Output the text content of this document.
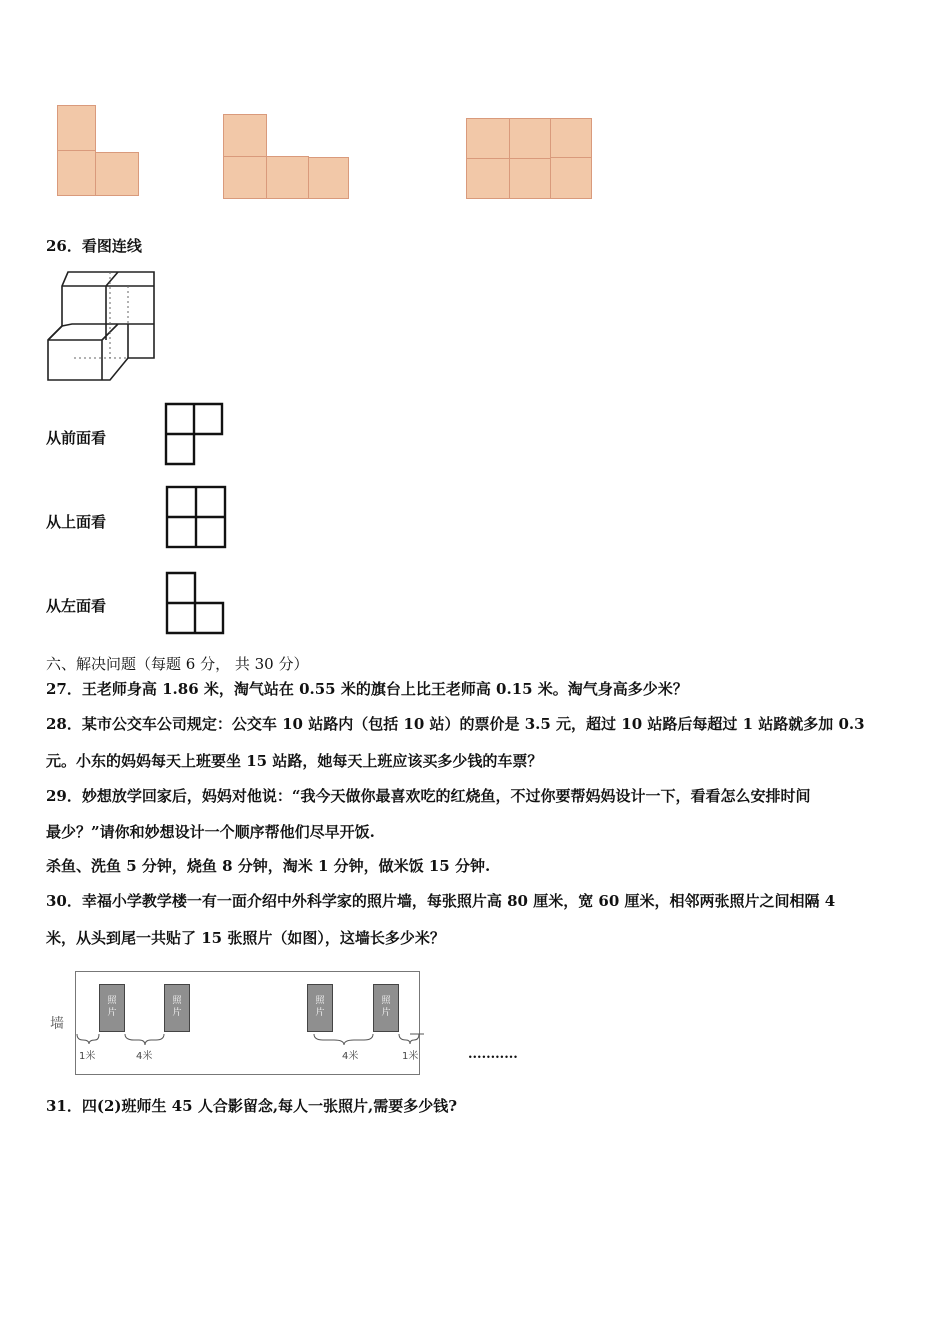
26．看图连线
从前面看
从上面看
从左面看
六、解决问题（每题 6 分， 共 30 分）
27．王老师身高 1.86 米，淘气站在 0.55 米的旗台上比王老师高 0.15 米。淘气身高多少米？
28．某市公交车公司规定：公交车 10 站路内（包括 10 站）的票价是 3.5 元，超过 10 站路后每超过 1 站路就多加 0.3
元。小东的妈妈每天上班要坐 15 站路，她每天上班应该买多少钱的车票？
29．妙想放学回家后，妈妈对他说：“我今天做你最喜欢吃的红烧鱼，不过你要帮妈妈设计一下，看看怎么安排时间
最少？”请你和妙想设计一个顺序帮他们尽早开饭.
杀鱼、洗鱼 5 分钟，烧鱼 8 分钟，淘米 1 分钟，做米饭 15 分钟.
30．幸福小学教学楼一有一面介绍中外科学家的照片墙，每张照片高 80 厘米，宽 60 厘米，相邻两张照片之间相隔 4
米，从头到尾一共贴了 15 张照片（如图），这墙长多少米？
墙
照
片
照
片
照
片
照
片
1米	4米	4米	1米	...........
31．四(2)班师生 45 人合影留念,每人一张照片,需要多少钱?
